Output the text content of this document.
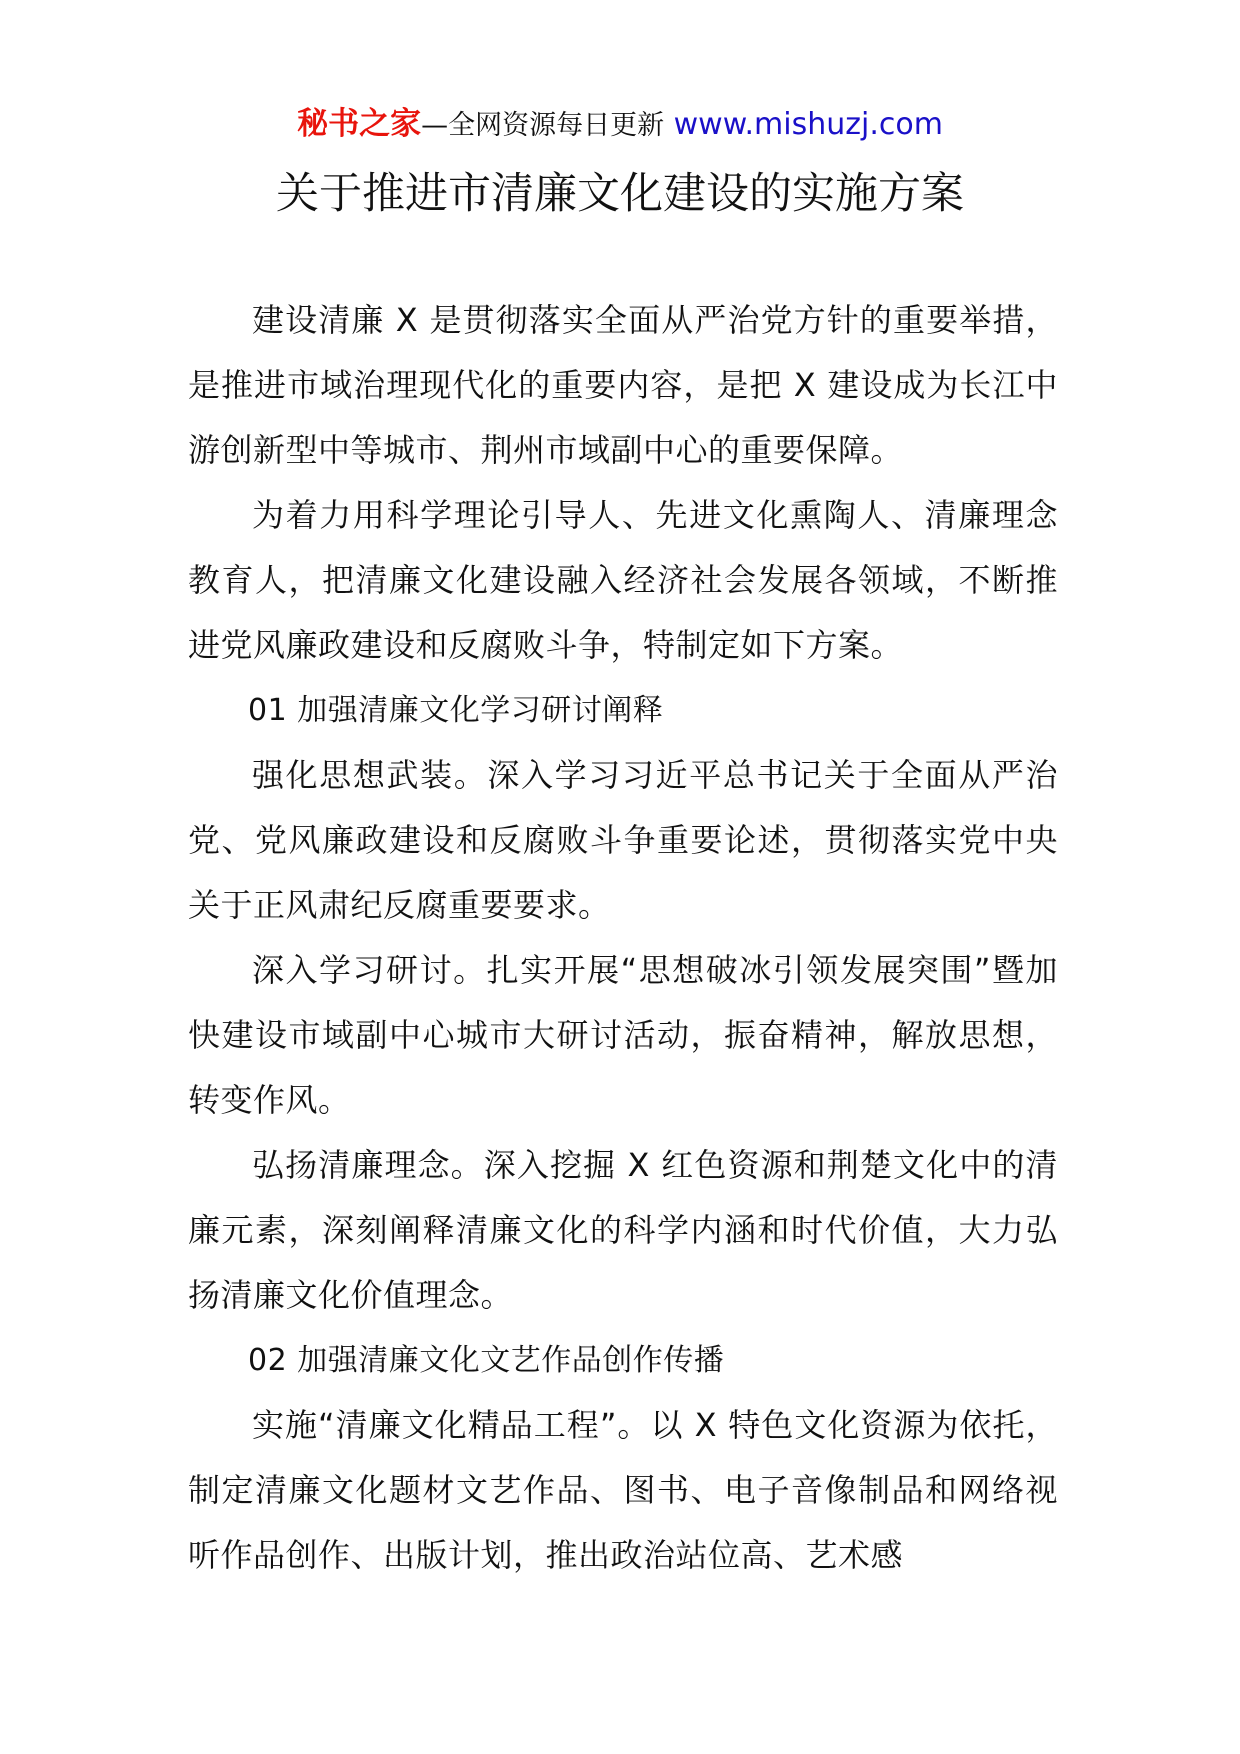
秘书之家—全网资源每日更新 www.mishuzj.com
关于推进市清廉文化建设的实施方案

建设清廉 X 是贯彻落实全面从严治党方针的重要举措，是推进市域治理现代化的重要内容，是把 X 建设成为长江中游创新型中等城市、荆州市域副中心的重要保障。

为着力用科学理论引导人、先进文化熏陶人、清廉理念教育人，把清廉文化建设融入经济社会发展各领域，不断推进党风廉政建设和反腐败斗争，特制定如下方案。

01 加强清廉文化学习研讨阐释

强化思想武装。深入学习习近平总书记关于全面从严治党、党风廉政建设和反腐败斗争重要论述，贯彻落实党中央关于正风肃纪反腐重要要求。

深入学习研讨。扎实开展“思想破冰引领发展突围”暨加快建设市域副中心城市大研讨活动，振奋精神，解放思想，转变作风。

弘扬清廉理念。深入挖掘 X 红色资源和荆楚文化中的清廉元素，深刻阐释清廉文化的科学内涵和时代价值，大力弘扬清廉文化价值理念。

02 加强清廉文化文艺作品创作传播

实施“清廉文化精品工程”。以 X 特色文化资源为依托，制定清廉文化题材文艺作品、图书、电子音像制品和网络视听作品创作、出版计划，推出政治站位高、艺术感
